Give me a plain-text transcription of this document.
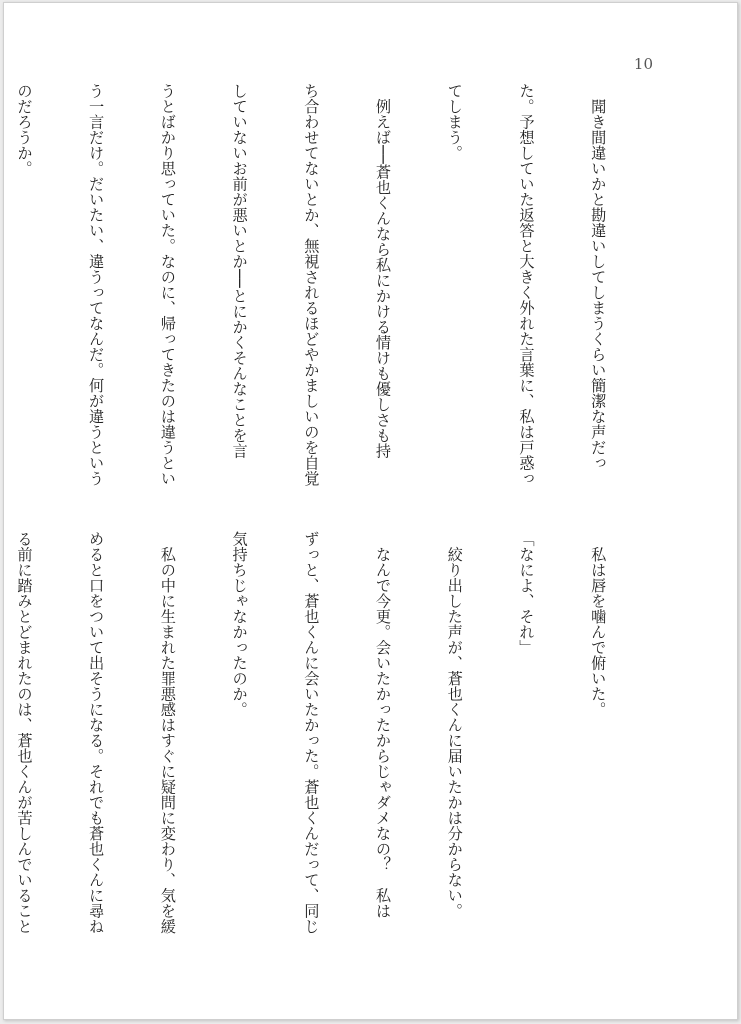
10

　聞き間違いかと勘違いしてしまうくらい簡潔な声だっ

た。予想していた返答と大きく外れた言葉に、私は戸惑っ

てしまう。

　例えば──蒼也くんなら私にかける情けも優しさも持

ち合わせてないとか、無視されるほどやかましいのを自覚

していないお前が悪いとか──とにかくそんなことを言

うとばかり思っていた。なのに、帰ってきたのは違うとい

う一言だけ。だいたい、違うってなんだ。何が違うという

のだろうか。

　私は唇を噛んで俯いた。

「なによ、それ」

　絞り出した声が、蒼也くんに届いたかは分からない。

　なんで今更。会いたかったからじゃダメなの？　私は

ずっと、蒼也くんに会いたかった。蒼也くんだって、同じ

気持ちじゃなかったのか。

　私の中に生まれた罪悪感はすぐに疑問に変わり、気を緩

めると口をついて出そうになる。それでも蒼也くんに尋ね

る前に踏みとどまれたのは、蒼也くんが苦しんでいること
